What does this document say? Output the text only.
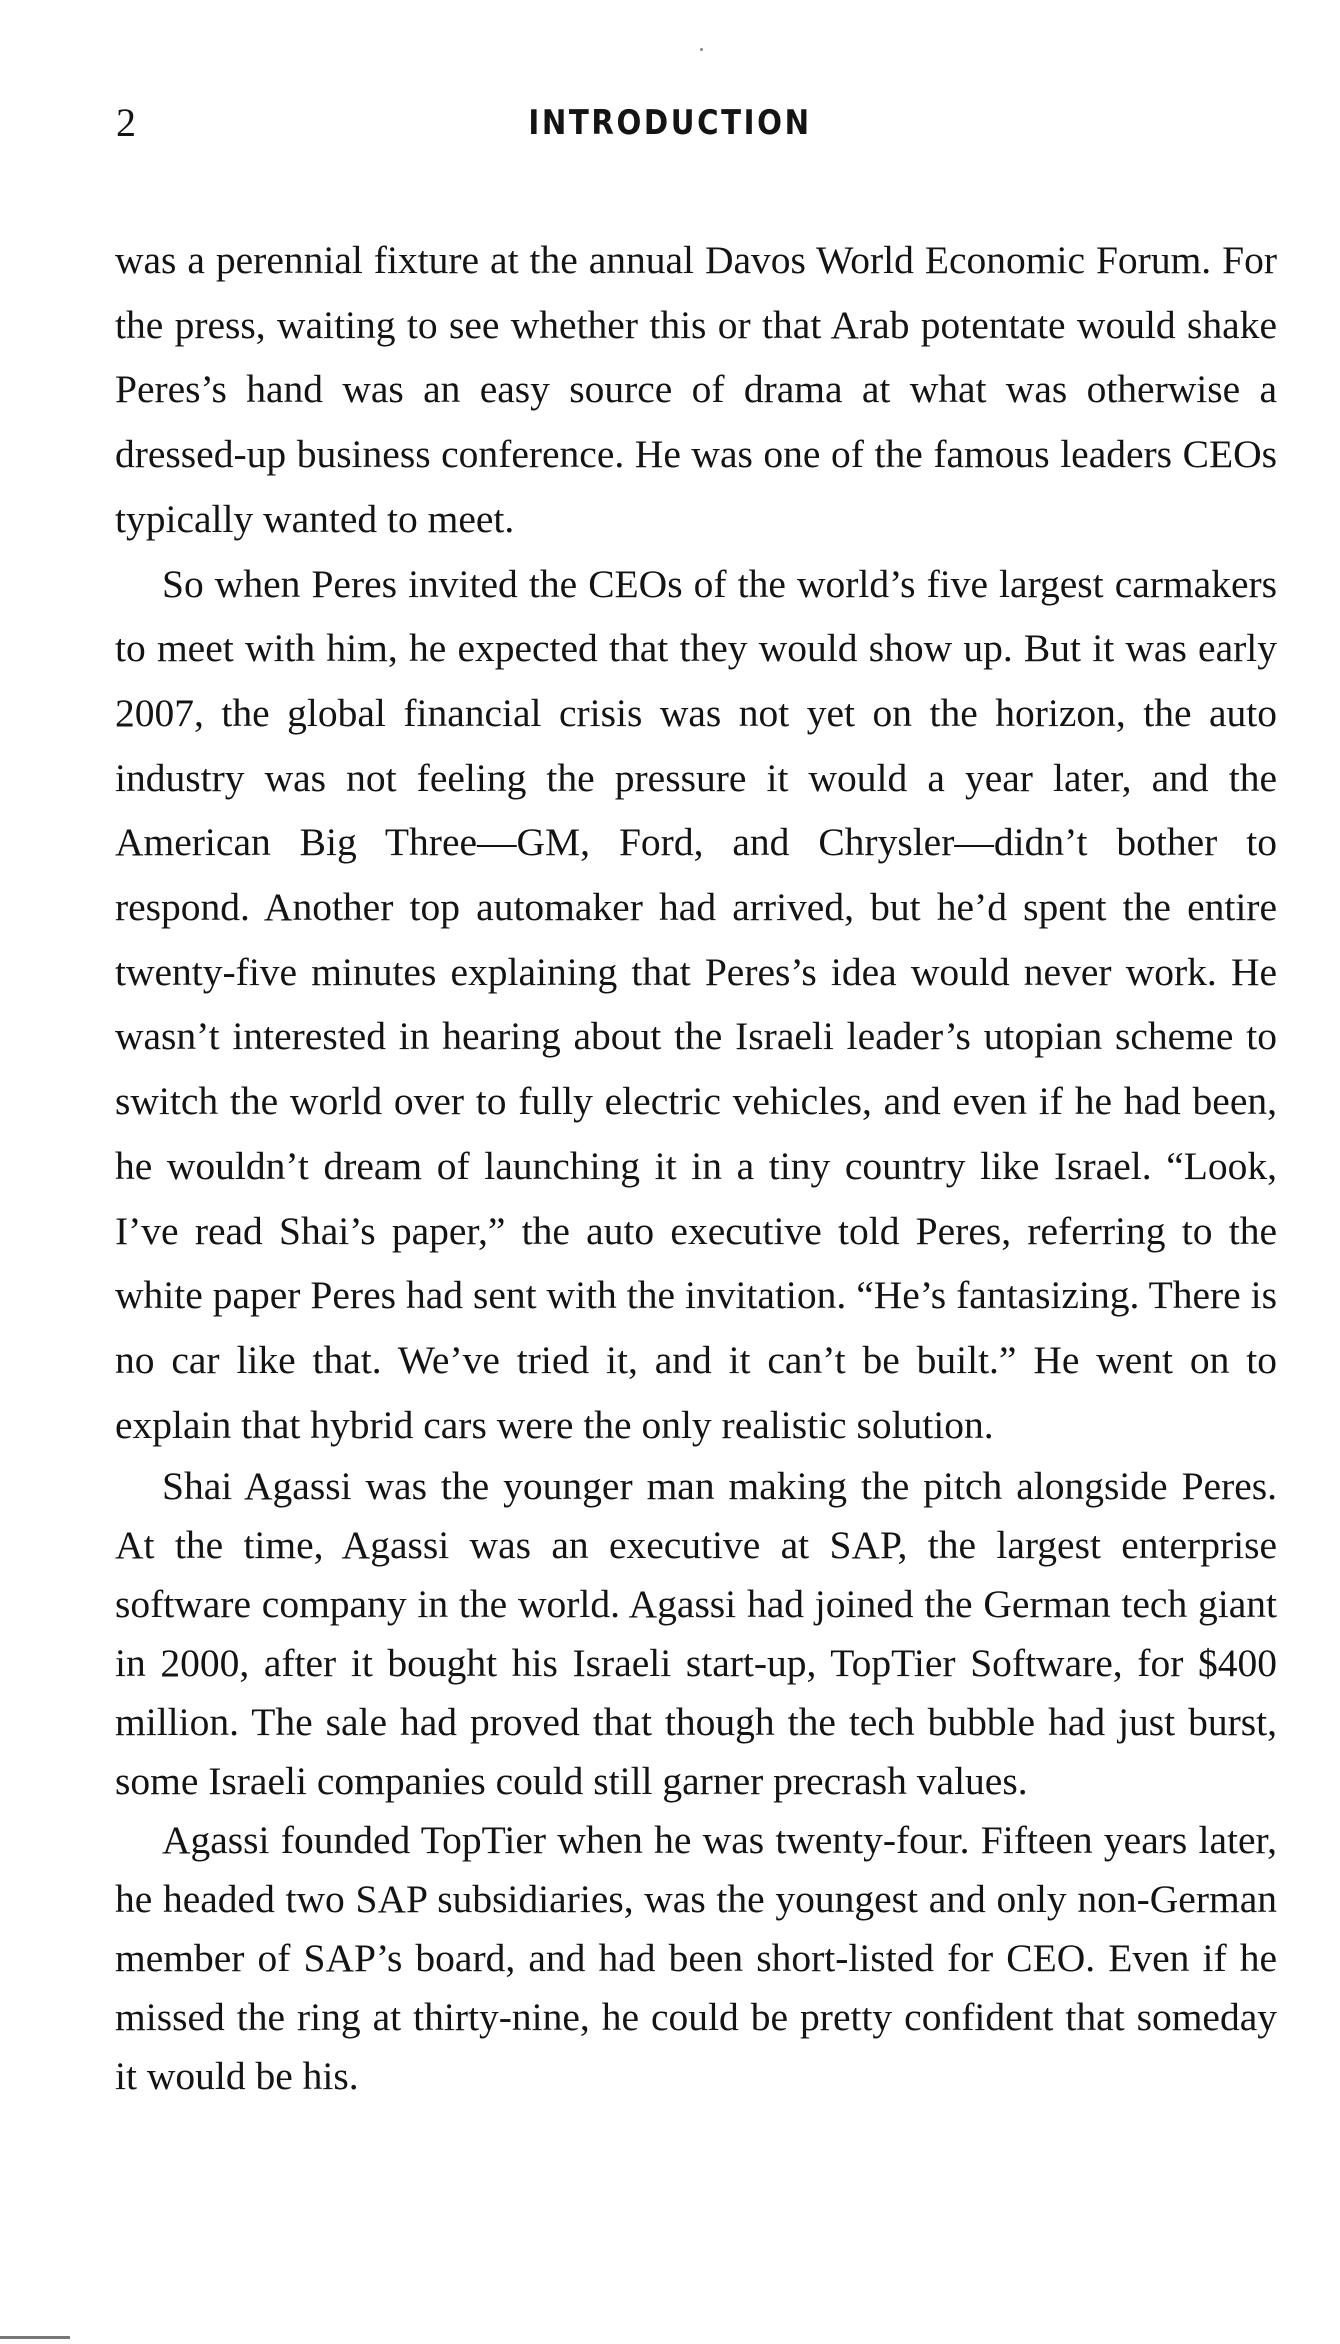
2	INTRODUCTION

was a perennial fixture at the annual Davos World Economic Forum. For the press, waiting to see whether this or that Arab potentate would shake Peres’s hand was an easy source of drama at what was otherwise a dressed-up business conference. He was one of the famous leaders CEOs typically wanted to meet.

So when Peres invited the CEOs of the world’s five largest carmakers to meet with him, he expected that they would show up. But it was early 2007, the global financial crisis was not yet on the horizon, the auto industry was not feeling the pressure it would a year later, and the American Big Three—GM, Ford, and Chrysler—didn’t bother to respond. Another top automaker had arrived, but he’d spent the entire twenty-five minutes explaining that Peres’s idea would never work. He wasn’t interested in hearing about the Israeli leader’s utopian scheme to switch the world over to fully electric vehicles, and even if he had been, he wouldn’t dream of launching it in a tiny country like Israel. “Look, I’ve read Shai’s paper,” the auto executive told Peres, referring to the white paper Peres had sent with the invitation. “He’s fantasizing. There is no car like that. We’ve tried it, and it can’t be built.” He went on to explain that hybrid cars were the only realistic solution.

Shai Agassi was the younger man making the pitch alongside Peres. At the time, Agassi was an executive at SAP, the largest enterprise software company in the world. Agassi had joined the German tech giant in 2000, after it bought his Israeli start-up, TopTier Software, for $400 million. The sale had proved that though the tech bubble had just burst, some Israeli companies could still garner precrash values.

Agassi founded TopTier when he was twenty-four. Fifteen years later, he headed two SAP subsidiaries, was the youngest and only non-German member of SAP’s board, and had been short-listed for CEO. Even if he missed the ring at thirty-nine, he could be pretty confident that someday it would be his.
